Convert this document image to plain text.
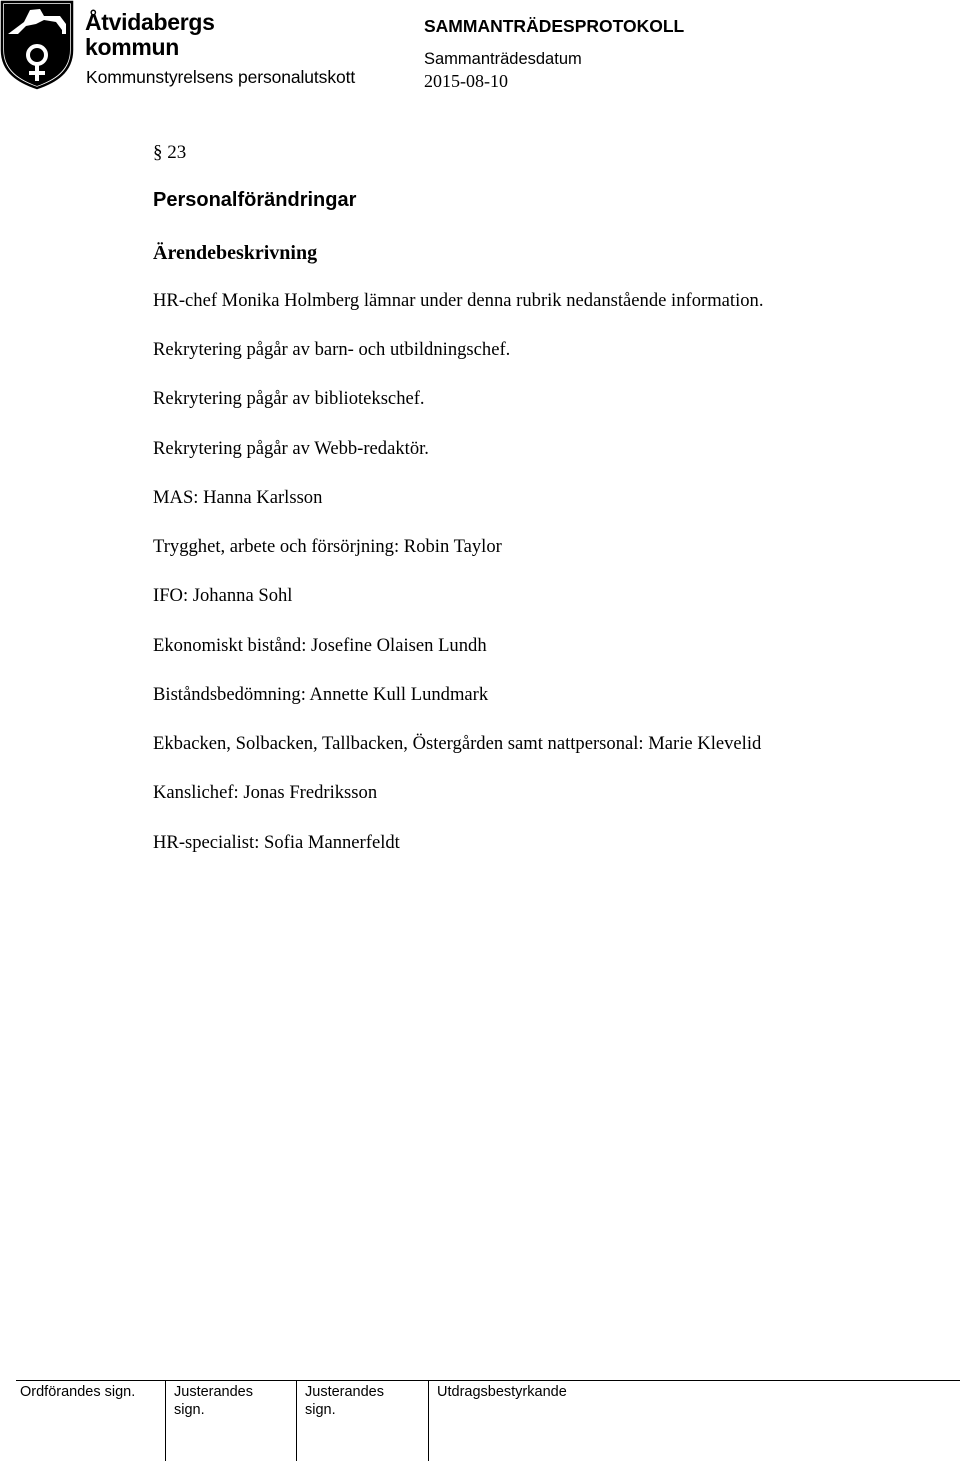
Åtvidabergs
kommun
Kommunstyrelsens personalutskott
SAMMANTRÄDESPROTOKOLL
Sammanträdesdatum
2015-08-10
§ 23
Personalförändringar
Ärendebeskrivning
HR-chef Monika Holmberg lämnar under denna rubrik nedanstående information.
Rekrytering pågår av barn- och utbildningschef.
Rekrytering pågår av bibliotekschef.
Rekrytering pågår av Webb-redaktör.
MAS: Hanna Karlsson
Trygghet, arbete och försörjning: Robin Taylor
IFO: Johanna Sohl
Ekonomiskt bistånd: Josefine Olaisen Lundh
Biståndsbedömning: Annette Kull Lundmark
Ekbacken, Solbacken, Tallbacken, Östergården samt nattpersonal: Marie Klevelid
Kanslichef: Jonas Fredriksson
HR-specialist: Sofia Mannerfeldt
Ordförandes sign.	Justerandes
sign.
Justerandes
sign.
Utdragsbestyrkande
